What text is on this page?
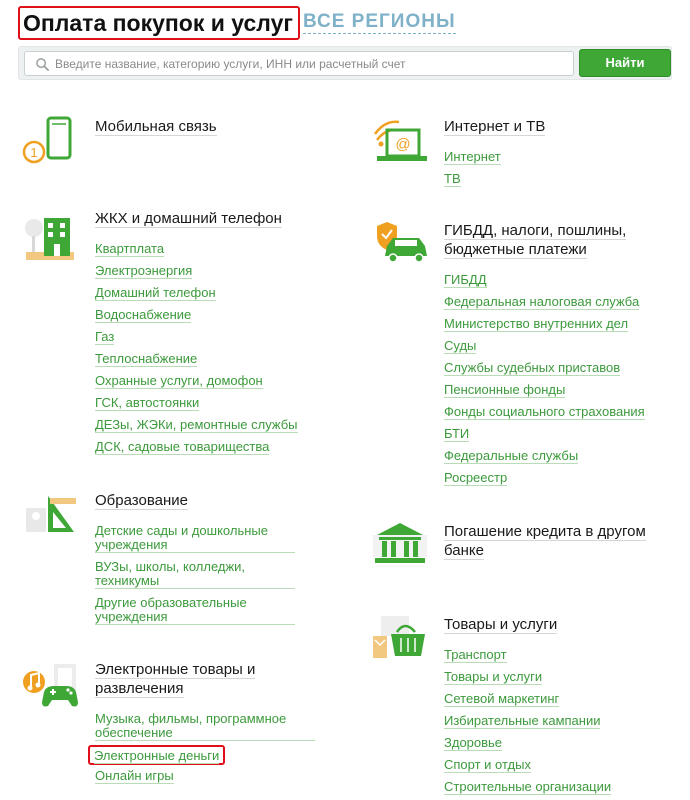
Оплата покупок и услуг ВСЕ РЕГИОНЫ
Введите название, категорию услуги, ИНН или расчетный счет
Найти
1
Мобильная связь
ЖКХ и домашний телефон
Квартплата
Электроэнергия
Домашний телефон
Водоснабжение
Газ
Теплоснабжение
Охранные услуги, домофон
ГСК, автостоянки
ДЕЗы, ЖЭКи, ремонтные службы
ДСК, садовые товарищества
Образование
Детские сады и дошкольные учреждения
ВУЗы, школы, колледжи, техникумы
Другие образовательные учреждения
Электронные товары и развлечения
Музыка, фильмы, программное обеспечение
Электронные деньги
Онлайн игры
@
Интернет и ТВ
Интернет
ТВ
ГИБДД, налоги, пошлины, бюджетные платежи
ГИБДД
Федеральная налоговая служба
Министерство внутренних дел
Суды
Службы судебных приставов
Пенсионные фонды
Фонды социального страхования
БТИ
Федеральные службы
Росреестр
Погашение кредита в другом банке
Товары и услуги
Транспорт
Товары и услуги
Сетевой маркетинг
Избирательные кампании
Здоровье
Спорт и отдых
Строительные организации
